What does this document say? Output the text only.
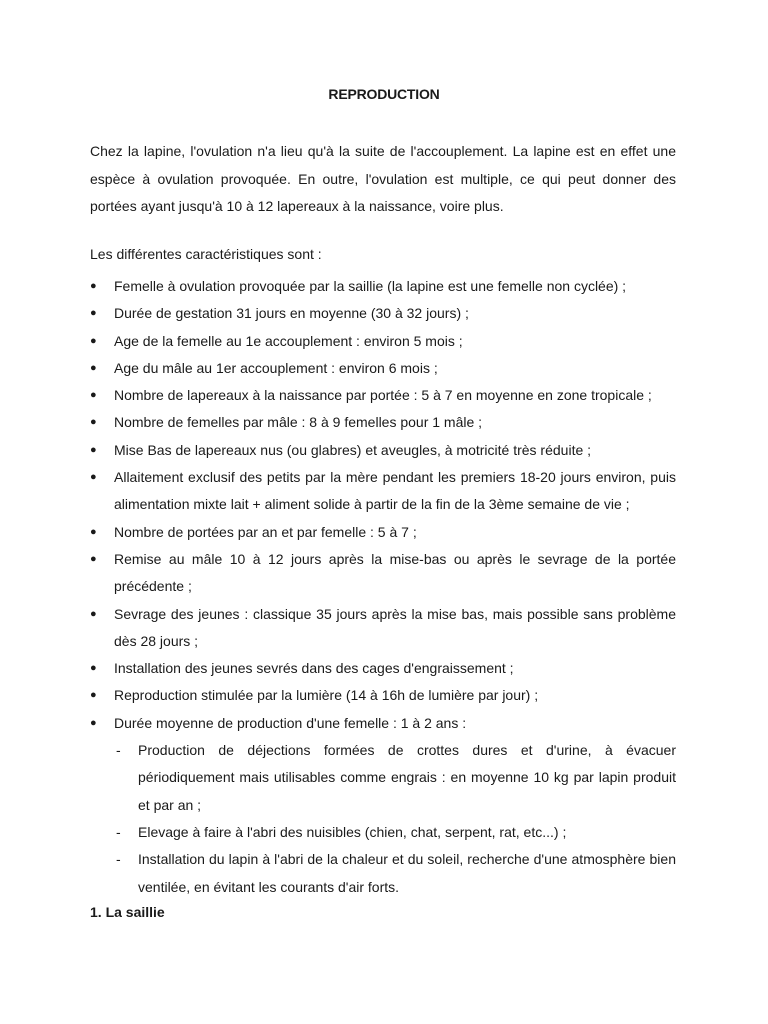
REPRODUCTION

Chez la lapine, l'ovulation n'a lieu qu'à la suite de l'accouplement. La lapine est en effet une espèce à ovulation provoquée. En outre, l'ovulation est multiple, ce qui peut donner des portées ayant jusqu'à 10 à 12 lapereaux à la naissance, voire plus.

Les différentes caractéristiques sont :

●	Femelle à ovulation provoquée par la saillie (la lapine est une femelle non cyclée) ;
●	Durée de gestation 31 jours en moyenne (30 à 32 jours) ;
●	Age de la femelle au 1e accouplement : environ 5 mois ;
●	Age du mâle au 1er accouplement : environ 6 mois ;
●	Nombre de lapereaux à la naissance par portée : 5 à 7 en moyenne en zone tropicale ;
●	Nombre de femelles par mâle : 8 à 9 femelles pour 1 mâle ;
●	Mise Bas de lapereaux nus (ou glabres) et aveugles, à motricité très réduite ;
●	Allaitement exclusif des petits par la mère pendant les premiers 18-20 jours environ, puis alimentation mixte lait + aliment solide à partir de la fin de la 3ème semaine de vie ;
●	Nombre de portées par an et par femelle : 5 à 7 ;
●	Remise au mâle 10 à 12 jours après la mise-bas ou après le sevrage de la portée précédente ;
●	Sevrage des jeunes : classique 35 jours après la mise bas, mais possible sans problème dès 28 jours ;
●	Installation des jeunes sevrés dans des cages d'engraissement ;
●	Reproduction stimulée par la lumière (14 à 16h de lumière par jour) ;
●	Durée moyenne de production d'une femelle : 1 à 2 ans :
- Production de déjections formées de crottes dures et d'urine, à évacuer périodiquement mais utilisables comme engrais : en moyenne 10 kg par lapin produit et par an ;
- Elevage à faire à l'abri des nuisibles (chien, chat, serpent, rat, etc...) ;
- Installation du lapin à l'abri de la chaleur et du soleil, recherche d'une atmosphère bien ventilée, en évitant les courants d'air forts.

1. La saillie
